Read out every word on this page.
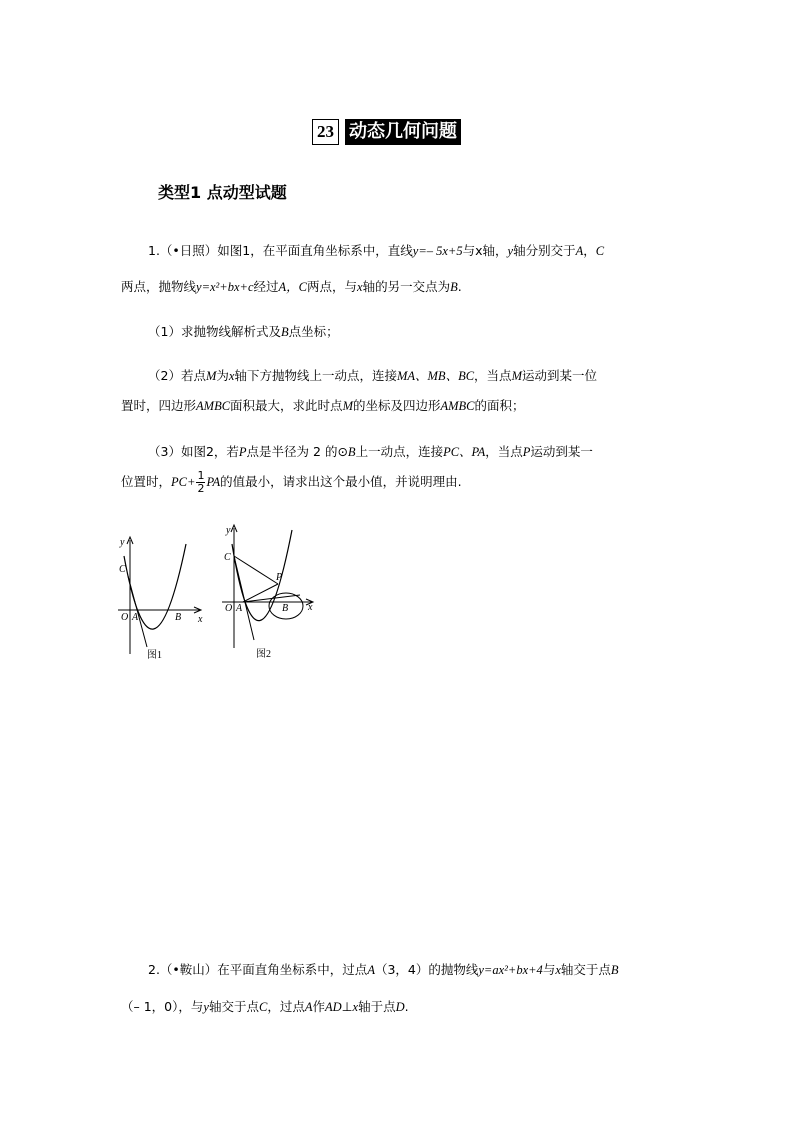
23 动态几何问题
类型1 点动型试题
1.（•日照）如图1，在平面直角坐标系中，直线y=– 5x+5与x轴，y轴分别交于A，C
两点，抛物线y=x²+bx+c经过A，C两点，与x轴的另一交点为B.
（1）求抛物线解析式及B点坐标；
（2）若点M为x轴下方抛物线上一动点，连接MA、MB、BC，当点M运动到某一位
置时，四边形AMBC面积最大，求此时点M的坐标及四边形AMBC的面积；
（3）如图2，若P点是半径为 2 的⊙B上一动点，连接PC、PA，当点P运动到某一
位置时，$PC+ \frac{1}{2}$ PA的值最小，请求出这个最小值，并说明理由.
y
x
C
O A	B
图1
y
x
C
O A	B
P
图2
2.（•鞍山）在平面直角坐标系中，过点A（3，4）的抛物线y=ax²+bx+4与x轴交于点B
（– 1，0），与y轴交于点C，过点A作AD⊥x轴于点D.
